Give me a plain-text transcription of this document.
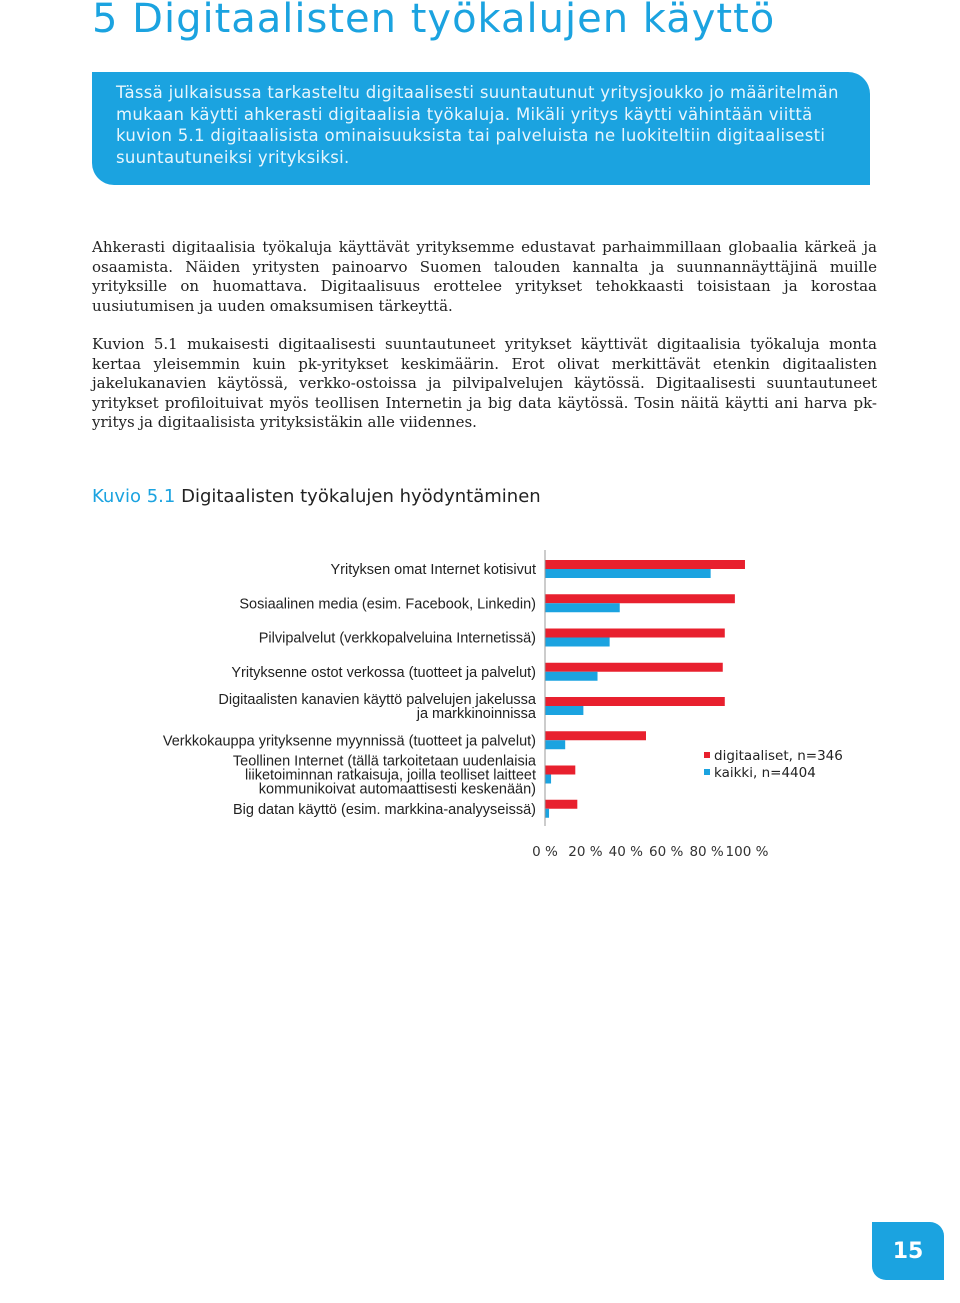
5 Digitaalisten työkalujen käyttö
Tässä julkaisussa tarkasteltu digitaalisesti suuntautunut yritysjoukko jo määritelmän mukaan käytti ahkerasti digitaalisia työkaluja. Mikäli yritys käytti vähintään viittä kuvion 5.1 digitaalisista ominaisuuksista tai palveluista ne luokiteltiin digitaalisesti suuntautuneiksi yrityksiksi.
Ahkerasti digitaalisia työkaluja käyttävät yrityksemme edustavat parhaimmillaan globaalia kärkeä ja osaamista. Näiden yritysten painoarvo Suomen talouden kannalta ja suunnannäyttäjinä muille yrityksille on huomattava. Digitaalisuus erottelee yritykset tehokkaasti toisistaan ja korostaa uusiutumisen ja uuden omaksumisen tärkeyttä.
Kuvion 5.1 mukaisesti digitaalisesti suuntautuneet yritykset käyttivät digitaalisia työkaluja monta kertaa yleisemmin kuin pk-yritykset keskimäärin. Erot olivat merkittävät etenkin digitaalisten jakelukanavien käytössä, verkko-ostoissa ja pilvipalvelujen käytössä. Digitaalisesti suuntautuneet yritykset profiloituivat myös teollisen Internetin ja big data käytössä. Tosin näitä käytti ani harva pk-yritys ja digitaalisista yrityksistäkin alle viidennes.
Kuvio 5.1 Digitaalisten työkalujen hyödyntäminen
Yrityksen omat Internet kotisivut
Sosiaalinen media (esim. Facebook, Linkedin)
Pilvipalvelut (verkkopalveluina Internetissä)
Yrityksenne ostot verkossa (tuotteet ja palvelut)
Digitaalisten kanavien käyttö palvelujen jakelussa
ja markkinoinnissa
Verkkokauppa yrityksenne myynnissä (tuotteet ja palvelut)
Teollinen Internet (tällä tarkoitetaan uudenlaisia
liiketoiminnan ratkaisuja, joilla teolliset laitteet
kommunikoivat automaattisesti keskenään)
Big datan käyttö (esim. markkina-analyyseissä)
0 % 20 % 40 % 60 % 80 % 100 %
digitaaliset, n=346
kaikki, n=4404
15
